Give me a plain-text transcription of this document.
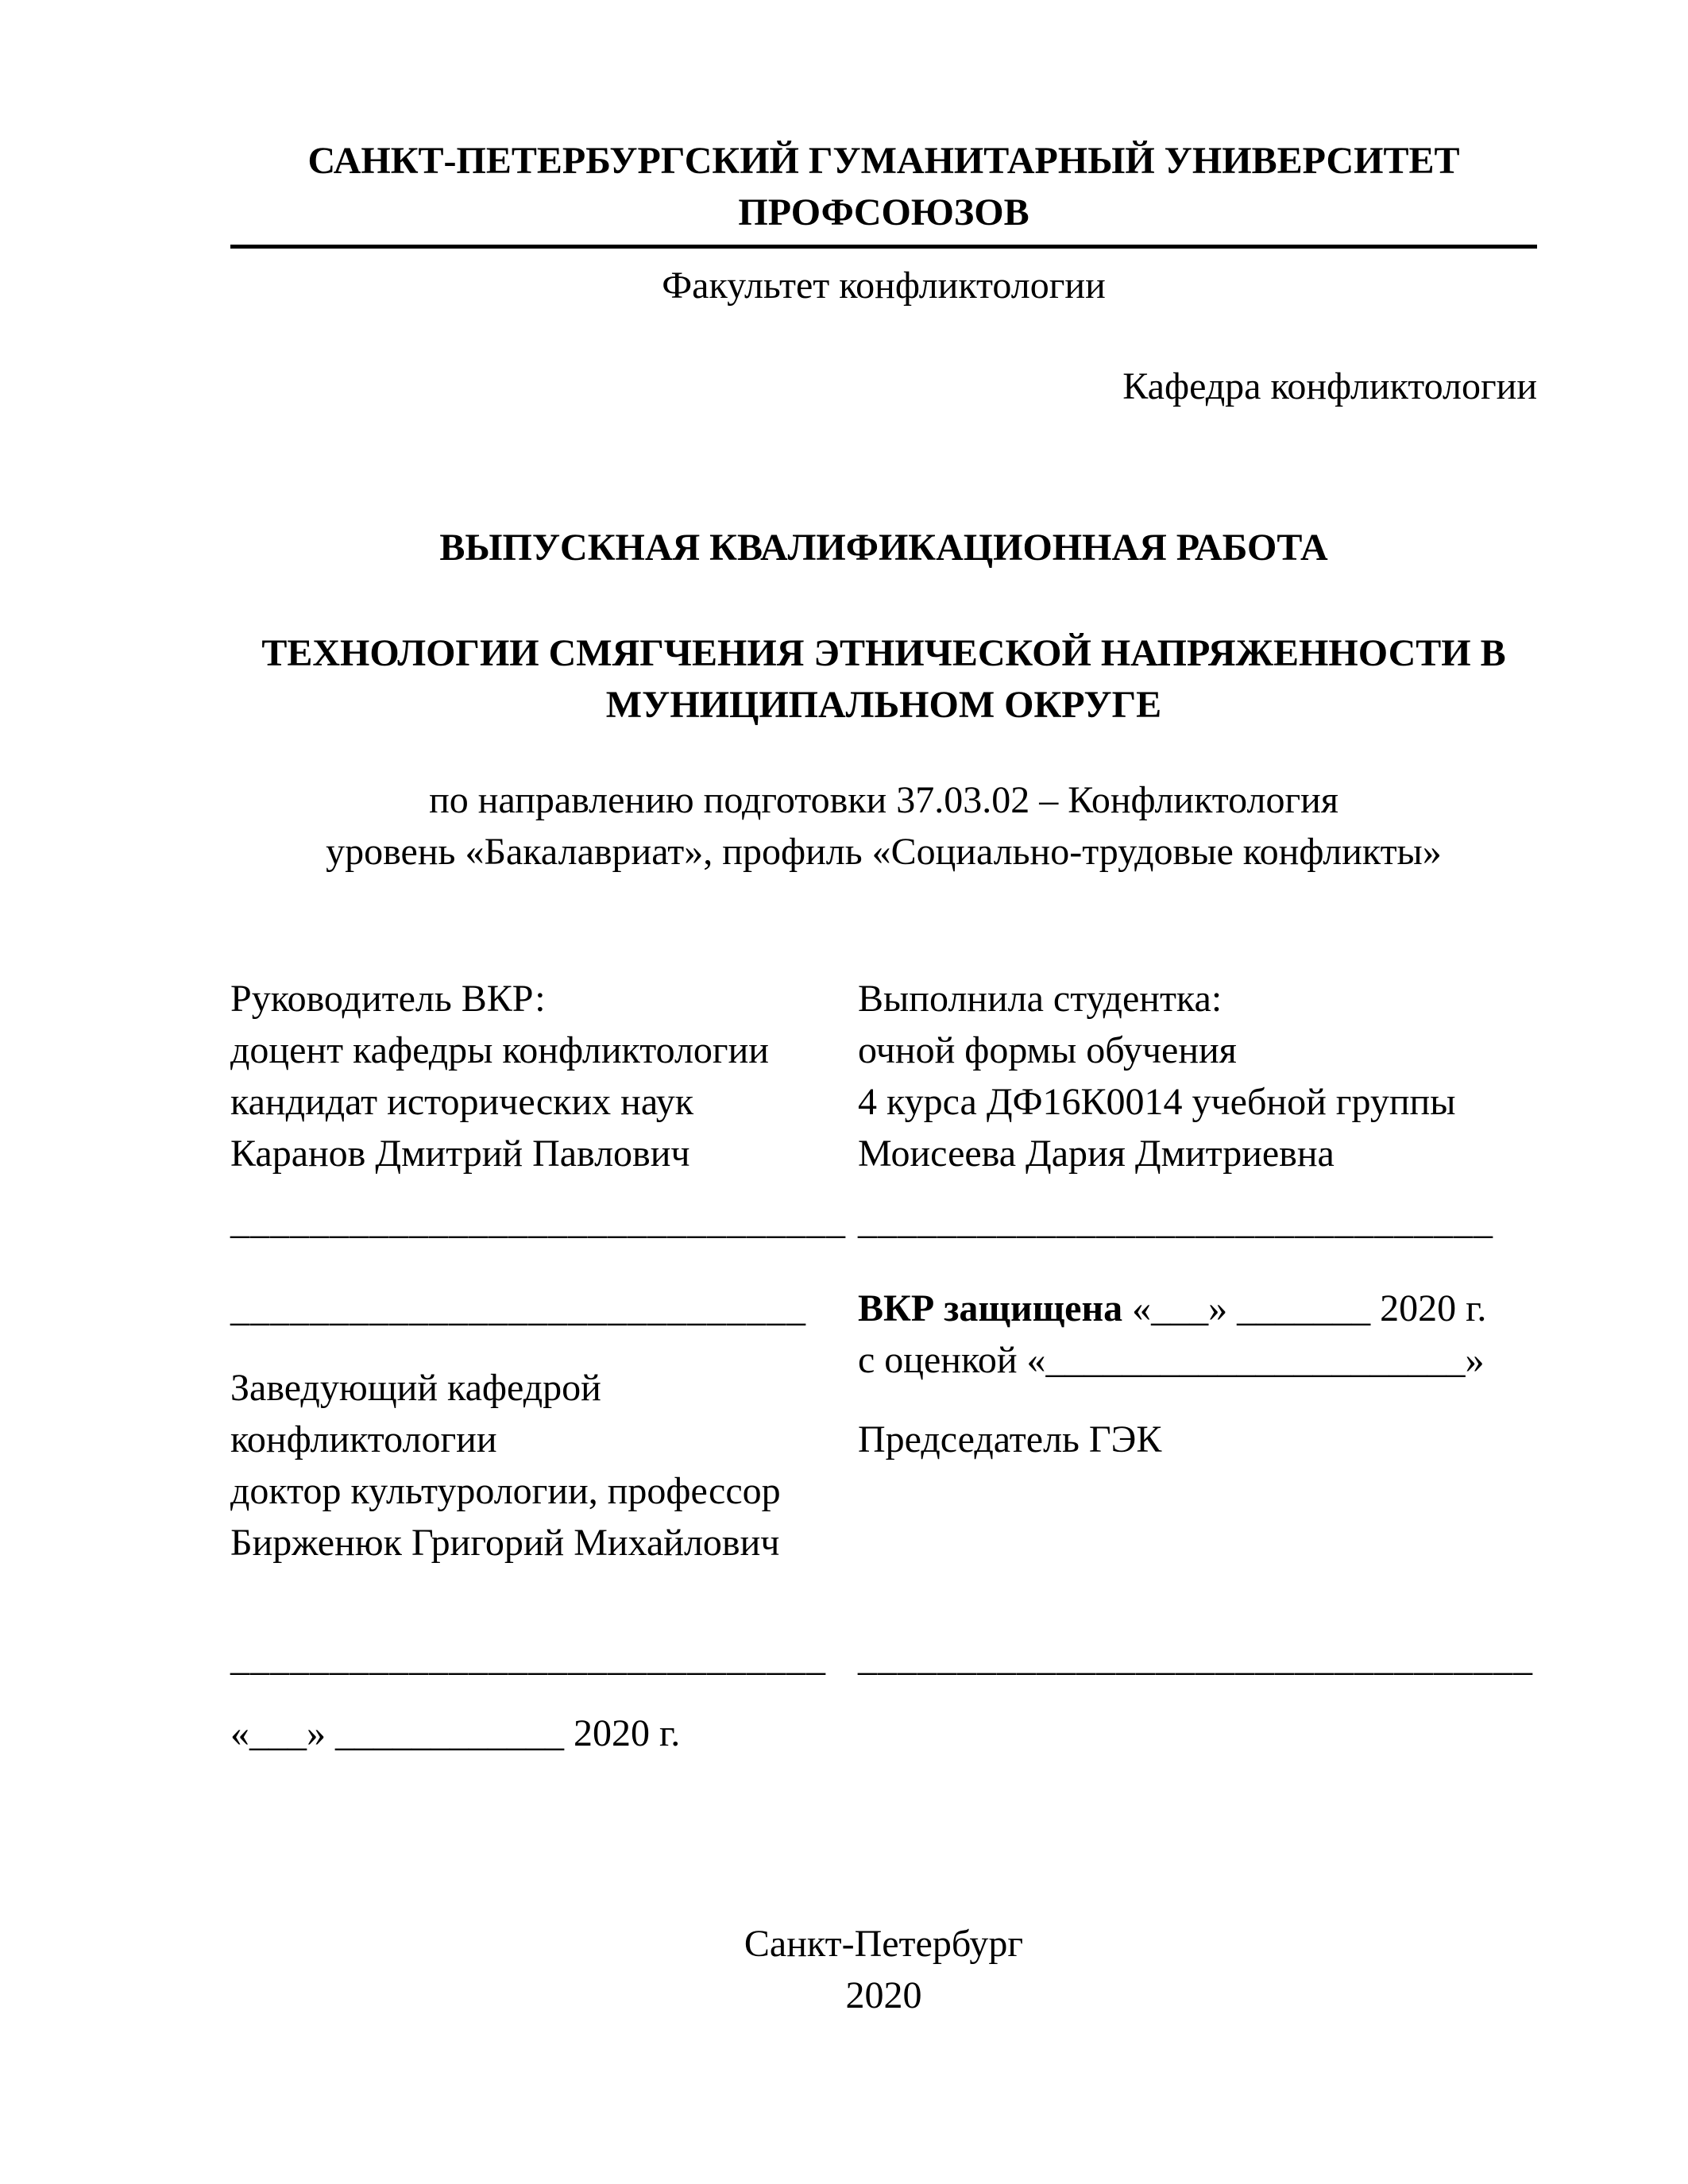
САНКТ-ПЕТЕРБУРГСКИЙ ГУМАНИТАРНЫЙ УНИВЕРСИТЕТ ПРОФСОЮЗОВ
Факультет конфликтологии
Кафедра конфликтологии
ВЫПУСКНАЯ КВАЛИФИКАЦИОННАЯ РАБОТА
ТЕХНОЛОГИИ СМЯГЧЕНИЯ ЭТНИЧЕСКОЙ НАПРЯЖЕННОСТИ В
МУНИЦИПАЛЬНОМ ОКРУГЕ
по направлению подготовки 37.03.02 – Конфликтология
уровень «Бакалавриат», профиль «Социально-трудовые конфликты»
Руководитель ВКР:
доцент кафедры конфликтологии
кандидат исторических наук
Каранов Дмитрий Павлович
_______________________________
_____________________________
Заведующий кафедрой
конфликтологии
доктор культурологии, профессор
Бирженюк Григорий Михайлович
______________________________
«___» ____________ 2020 г.
Выполнила студентка:
очной формы обучения
4 курса ДФ16К0014 учебной группы
Моисеева Дария Дмитриевна
________________________________
ВКР защищена «___» _______ 2020 г.
с оценкой «______________________»
Председатель ГЭК
__________________________________
Санкт-Петербург
2020
